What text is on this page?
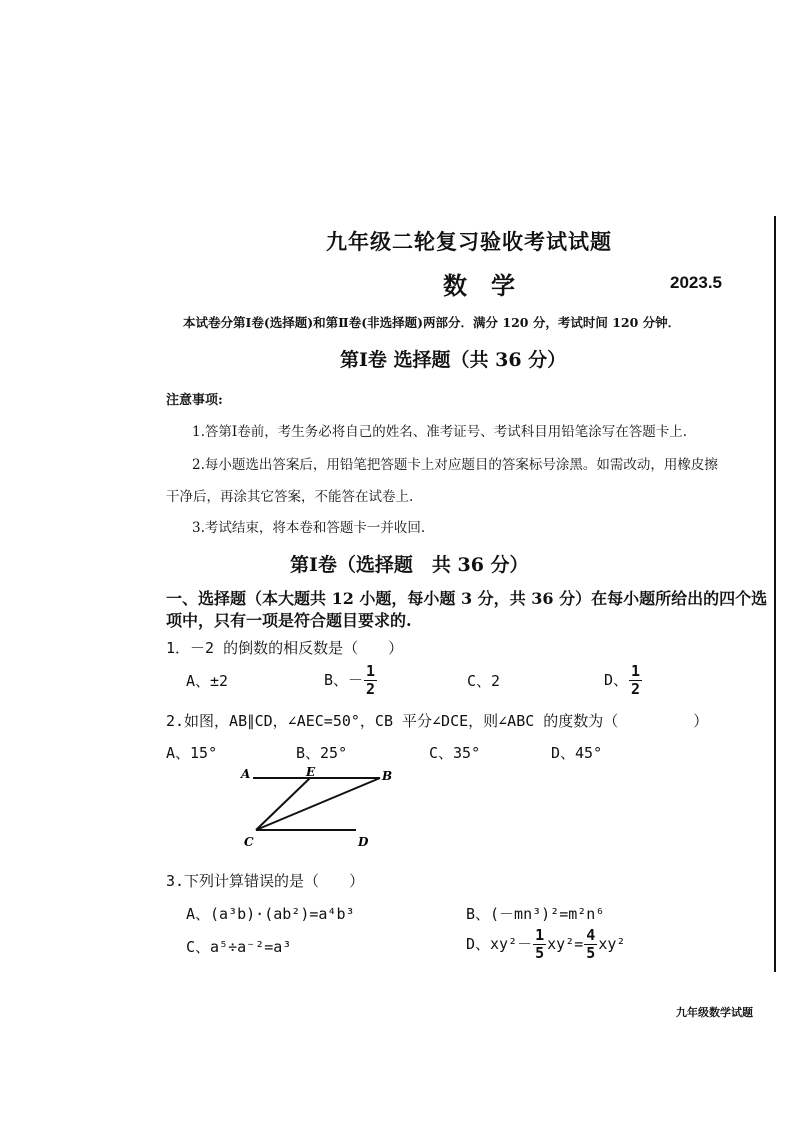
九年级二轮复习验收考试试题
数学	2023.5
本试卷分第Ⅰ卷(选择题)和第Ⅱ卷(非选择题)两部分．满分 120 分，考试时间 120 分钟．
第Ⅰ卷 选择题（共 36 分）
注意事项:
1.答第Ⅰ卷前，考生务必将自己的姓名、准考证号、考试科目用铅笔涂写在答题卡上.
2.每小题选出答案后，用铅笔把答题卡上对应题目的答案标号涂黑。如需改动，用橡皮擦
干净后，再涂其它答案，不能答在试卷上.
3.考试结束，将本卷和答题卡一并收回.
第Ⅰ卷（选择题　共 36 分）
一、选择题（本大题共 12 小题，每小题 3 分，共 36 分）在每小题所给出的四个选
项中，只有一项是符合题目要求的.
1．－2 的倒数的相反数是（　　）
A、±2	B、－ $\frac{1}{2}$	C、2	D、 $\frac{1}{2}$
2.如图，AB∥CD，∠AEC=50°，CB 平分∠DCE，则∠ABC 的度数为（　　　　　）
A、15°	B、25°	C、35°	D、45°
A	E	B
C	D
3.下列计算错误的是（　　）
A、(a³b)·(ab²)=a⁴b³	B、(－mn³)²=m²n⁶
C、a⁵÷a⁻²=a³	D、$xy^2- \frac{1}{5} xy^2= \frac{4}{5} xy^2$
九年级数学试题
